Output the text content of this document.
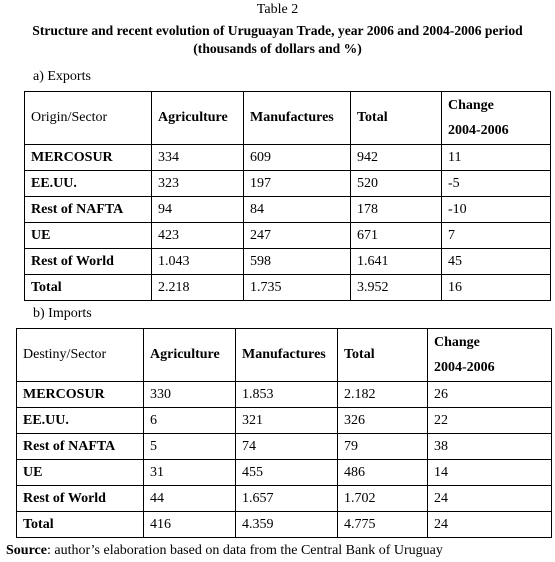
Table 2
Structure and recent evolution of Uruguayan Trade, year 2006 and 2004-2006 period
(thousands of dollars and %)
a) Exports
Origin/Sector	Agriculture	Manufactures	Total	Change
2004-2006

MERCOSUR	334	609	942	11
EE.UU.	323	197	520	-5
Rest of NAFTA	94	84	178	-10
UE	423	247	671	7
Rest of World	1.043	598	1.641	45
Total	2.218	1.735	3.952	16
b) Imports
Destiny/Sector	Agriculture	Manufactures	Total	Change
2004-2006

MERCOSUR	330	1.853	2.182	26
EE.UU.	6	321	326	22
Rest of NAFTA	5	74	79	38
UE	31	455	486	14
Rest of World	44	1.657	1.702	24
Total	416	4.359	4.775	24
Source: author’s elaboration based on data from the Central Bank of Uruguay
